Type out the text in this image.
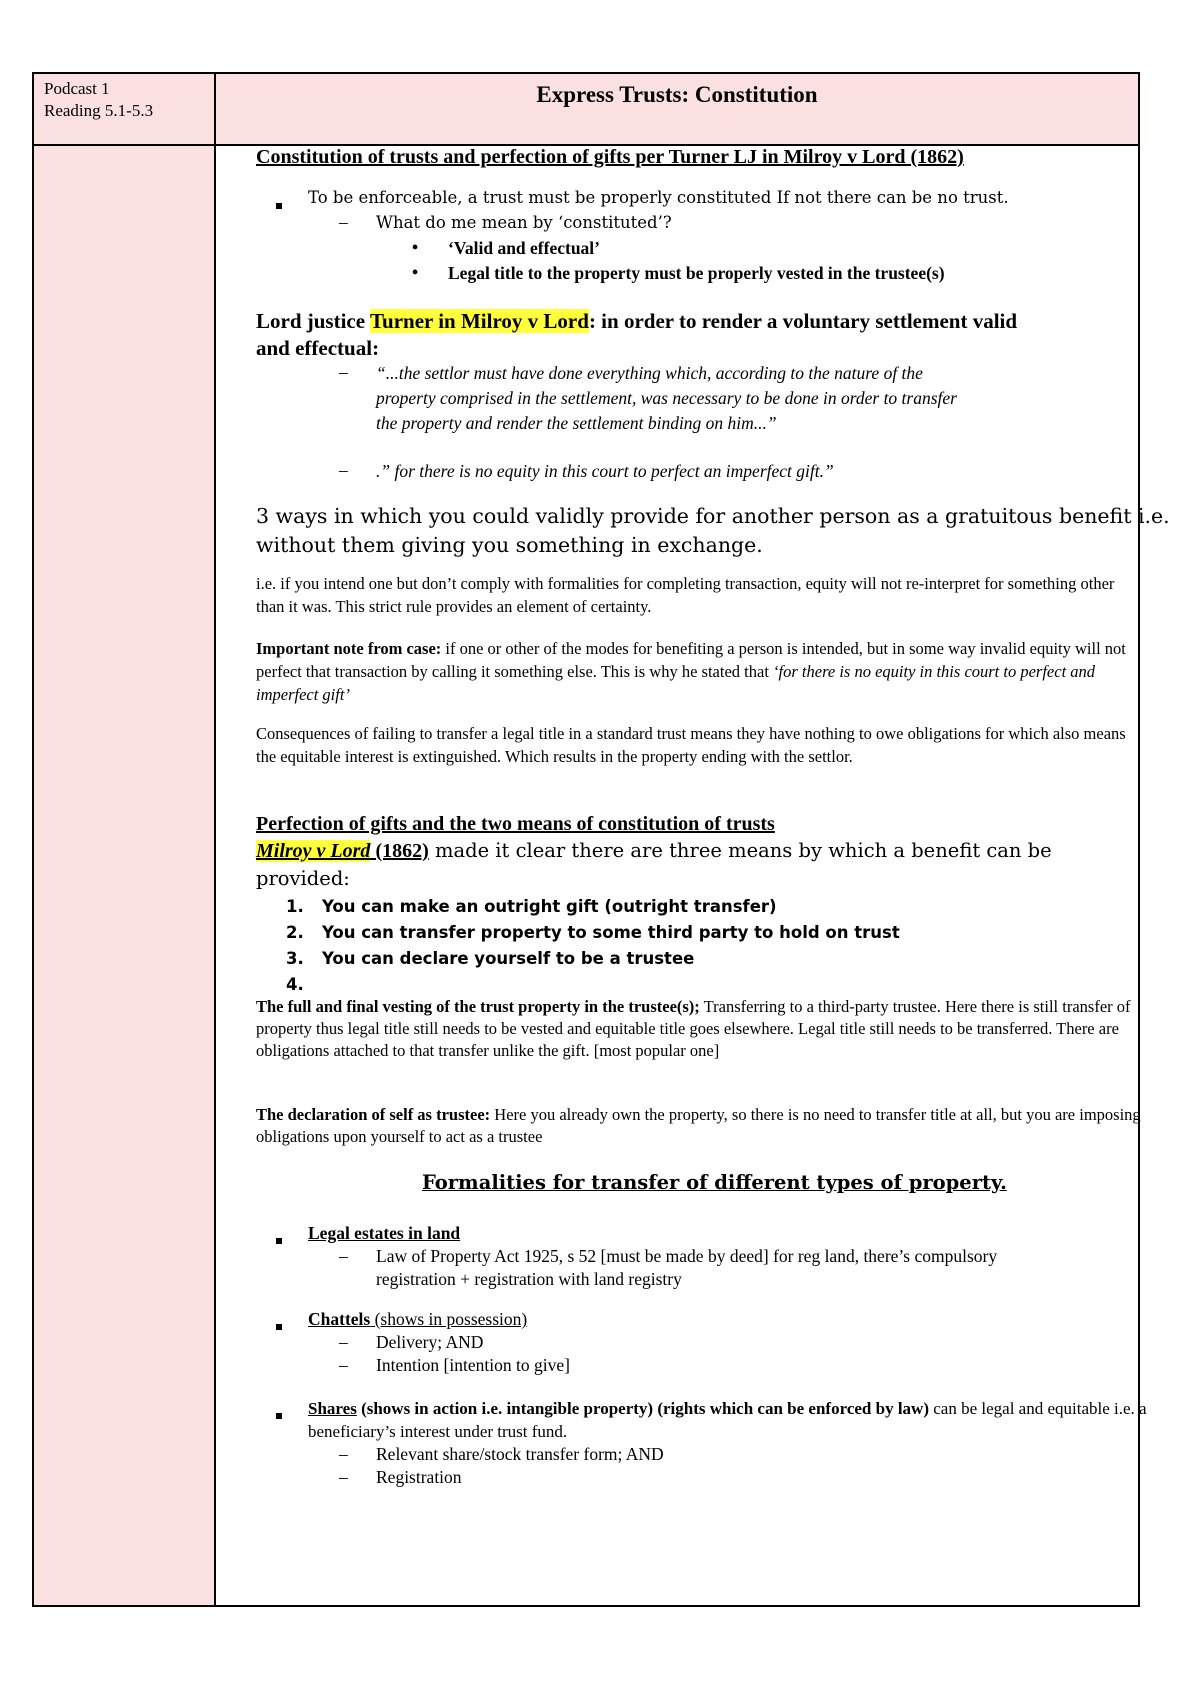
Podcast 1
Reading 5.1-5.3
Express Trusts: Constitution
Constitution of trusts and perfection of gifts per Turner LJ in Milroy v Lord (1862)
To be enforceable, a trust must be properly constituted If not there can be no trust.
– What do me mean by ‘constituted’?
• ‘Valid and effectual’
• Legal title to the property must be properly vested in the trustee(s)
Lord justice Turner in Milroy v Lord: in order to render a voluntary settlement valid
and effectual:
– “...the settlor must have done everything which, according to the nature of the
property comprised in the settlement, was necessary to be done in order to transfer
the property and render the settlement binding on him...”
– .” for there is no equity in this court to perfect an imperfect gift.”
3 ways in which you could validly provide for another person as a gratuitous benefit i.e.
without them giving you something in exchange.
i.e. if you intend one but don’t comply with formalities for completing transaction, equity will not re-interpret for something other than it was. This strict rule provides an element of certainty.
Important note from case: if one or other of the modes for benefiting a person is intended, but in some way invalid equity will not perfect that transaction by calling it something else. This is why he stated that ‘for there is no equity in this court to perfect and imperfect gift’
Consequences of failing to transfer a legal title in a standard trust means they have nothing to owe obligations for which also means the equitable interest is extinguished. Which results in the property ending with the settlor.
Perfection of gifts and the two means of constitution of trusts
Milroy v Lord (1862) made it clear there are three means by which a benefit can be
provided:
1. You can make an outright gift (outright transfer)
2. You can transfer property to some third party to hold on trust
3. You can declare yourself to be a trustee
4.
The full and final vesting of the trust property in the trustee(s); Transferring to a third-party trustee. Here there is still transfer of property thus legal title still needs to be vested and equitable title goes elsewhere. Legal title still needs to be transferred. There are obligations attached to that transfer unlike the gift. [most popular one]
The declaration of self as trustee: Here you already own the property, so there is no need to transfer title at all, but you are imposing obligations upon yourself to act as a trustee
Formalities for transfer of different types of property.
Legal estates in land
– Law of Property Act 1925, s 52 [must be made by deed] for reg land, there’s compulsory
registration + registration with land registry
Chattels (shows in possession)
– Delivery; AND
– Intention [intention to give]
Shares (shows in action i.e. intangible property) (rights which can be enforced by law) can be legal and equitable i.e. a beneficiary’s interest under trust fund.
– Relevant share/stock transfer form; AND
– Registration
